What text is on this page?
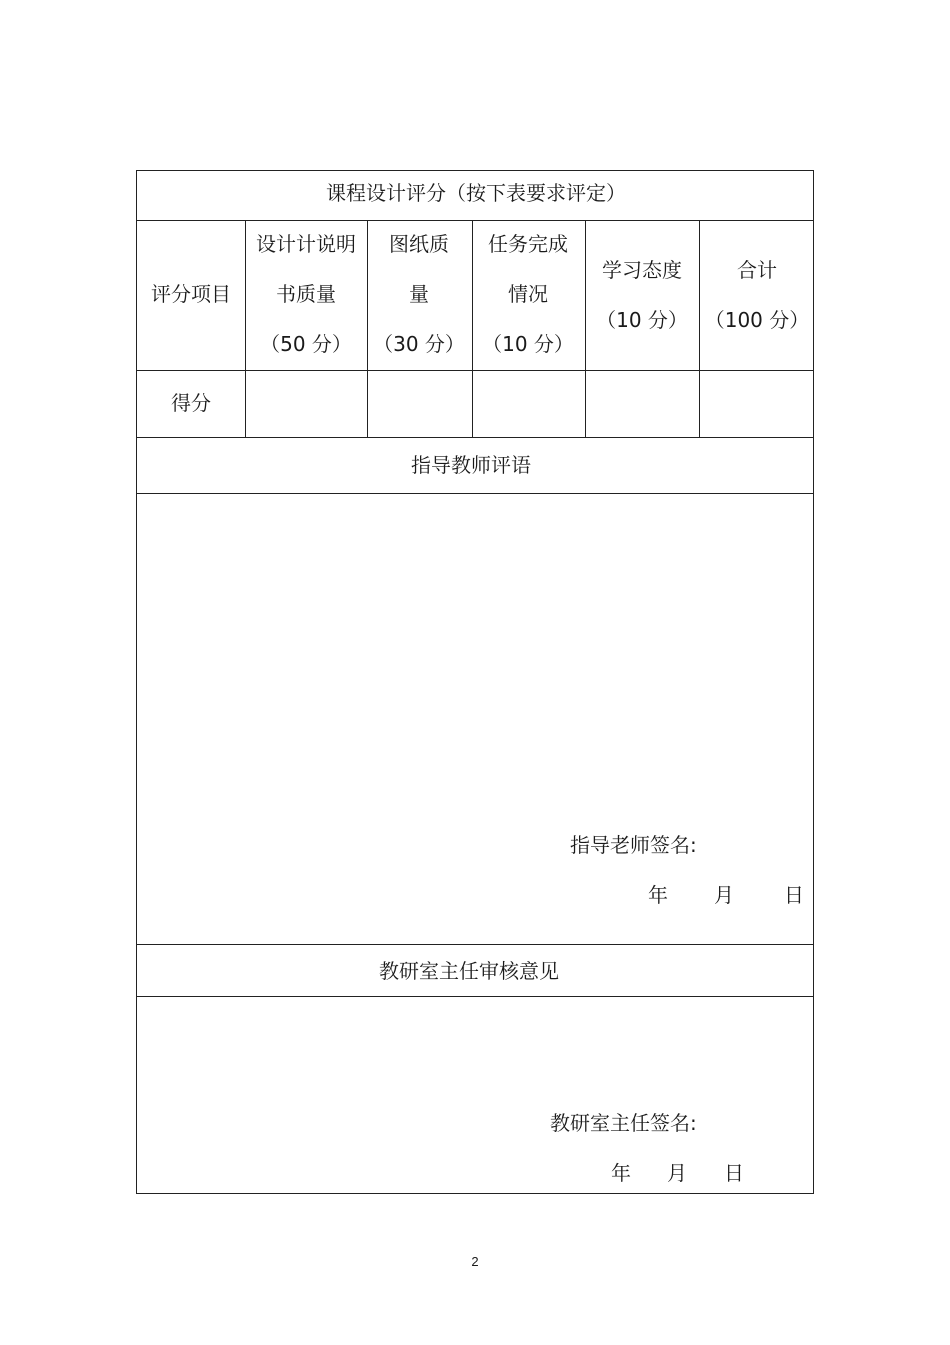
课程设计评分（按下表要求评定）
评分项目
得分
设计计说明
书质量
（50 分）
图纸质
量
（30 分）
任务完成
情况
（10 分）
学习态度
（10 分）
合计
（100 分）
指导教师评语
指导老师签名:
年 月	日
教研室主任审核意见
教研室主任签名:
年 月 日
2
